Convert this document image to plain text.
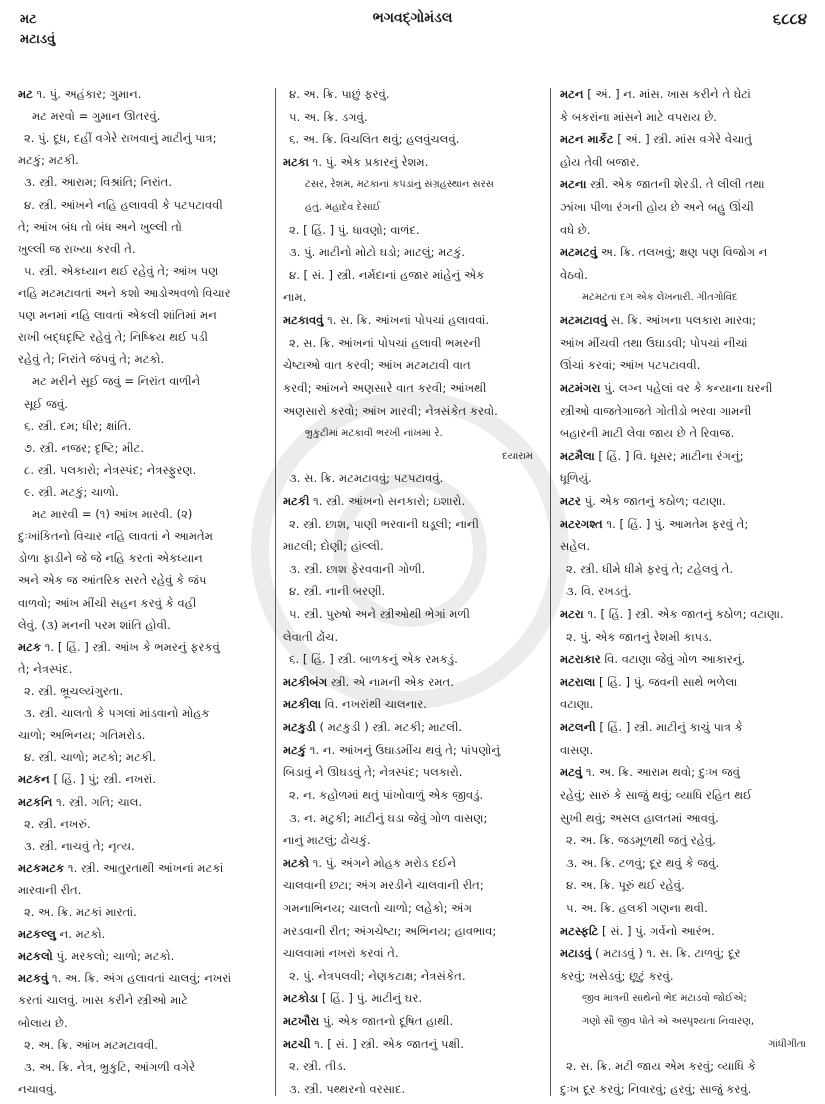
મટ
મટાડવું
ભગવદ્ગોમંડલ	૬૮૮૪
મટ ૧. પું. અહંકાર; ગુમાન.
મટ મરવો = ગુમાન ઊતરવું.
૨. પું. દૂધ, દહીં વગેરે રાખવાનું માટીનું પાત્ર;
મટકું; મટકી.
૩. સ્ત્રી. આરામ; વિશ્રાંતિ; નિરાંત.
૪. સ્ત્રી. આંખને નહિ હલાવવી કે પટપટાવવી
તે; આંખ બંધ તો બંધ અને ખુલ્લી તો
ખુલ્લી જ રાખ્યા કરવી તે.
૫. સ્ત્રી. એકધ્યાન થઈ રહેવું તે; આંખ પણ
નહિ મટમટાવતાં અને કશો આડોઅવળો વિચાર
પણ મનમાં નહિ લાવતાં એકલી શાંતિમાં મન
રાખી બદ્ધદૃષ્ટિ રહેવું તે; નિષ્ક્રિય થઈ પડી
રહેવું તે; નિરાંતે જંપવું તે; મટકો.
મટ મરીને સૂઈ જવું = નિરાંત વાળીને
સૂઈ જવું.
૬. સ્ત્રી. દમ; ધીર; ક્ષાંતિ.
૭. સ્ત્રી. નજર; દૃષ્ટિ; મીટ.
૮. સ્ત્રી. પલકારો; નેત્રસ્પંદ; નેત્રસ્ફુરણ.
૯. સ્ત્રી. મટકું; ચાળો.
મટ મારવી = (૧) આંખ મારવી. (૨)
દુઃખાંકિતનો વિચાર નહિ લાવતાં ને આમતેમ
ડોળા ફાડીને જે જે નહિ કરતાં એકધ્યાન
અને એક જ આંતરિક સરતે રહેવું કે જંપ
વાળવો; આંખ મીંચી સહન કરવું કે વહી
લેવું. (૩) મનની પરમ શાંતિ હોવી.
મટક ૧. [ હિં. ] સ્ત્રી. આંખ કે ભમરનું ફરકવું
તે; નેત્રસ્પંદ.
૨. સ્ત્રી. ભ્રૂચલ્યંગુરતા.
૩. સ્ત્રી. ચાલતો કે પગલાં માંડવાનો મોહક
ચાળો; અભિનય; ગતિમરોડ.
૪. સ્ત્રી. ચાળો; મટકો; મટકી.
મટકન [ હિં. ] પું; સ્ત્રી. નખરાં.
મટકનિ ૧. સ્ત્રી. ગતિ; ચાલ.
૨. સ્ત્રી. નખરું.
૩. સ્ત્રી. નાચવું તે; નૃત્ય.
મટકમટક ૧. સ્ત્રી. આતુરતાથી આંખનાં મટકાં
મારવાની રીત.
૨. અ. ક્રિ. મટકાં મારતાં.
મટકલ્લુ ન. મટકો.
મટકલો પું. મરકલો; ચાળો; મટકો.
મટકવું ૧. અ. ક્રિ. અંગ હલાવતાં ચાલવું; નખરાં
કરતાં ચાલવું. ખાસ કરીને સ્ત્રીઓ માટે
બોલાય છે.
૨. અ. ક્રિ. આંખ મટમટાવવી.
૩. અ. ક્રિ. નેત્ર, ભ્રુકુટિ, આંગળી વગેરે
નચાવવું.
૪. અ. ક્રિ. પાછું ફરવું.
૫. અ. ક્રિ. ડગવું.
૬. અ. ક્રિ. વિચલિત થવું; હલવુંચલવું.
મટકા ૧. પું. એક પ્રકારનું રેશમ.
ટસર, રેશમ, મટકાનાં કપડાંનું સંગ્રહસ્થાન સરસ
હતું. મહાદેવ દેસાઈ
૨. [ હિં. ] પું. ધાવણો; વાળંદ.
૩. પું. માટીનો મોટો ઘડો; માટલું; મટકું.
૪. [ સં. ] સ્ત્રી. નર્મદાનાં હજાર માંહેનું એક
નામ.
મટકાવવું ૧. સ. ક્રિ. આંખનાં પોપચાં હલાવવાં.
૨. સ. ક્રિ. આંખનાં પોપચાં હલાવી ભમરની
ચેષ્ટાઓ વાત કરવી; આંખ મટમટાવી વાત
કરવી; આંખને અણસારે વાત કરવી; આંખથી
અણસારો કરવો; આંખ મારવી; નેત્રસંકેત કરવો.
ભ્રુકુટીમાં મટકાવી ભરખી નાંખમાં રે.
દયારામ
૩. સ. ક્રિ. મટમટાવવું; પટપટાવવું.
મટકી ૧. સ્ત્રી. આંખનો સનકારો; ઇશારો.
૨. સ્ત્રી. છાશ, પાણી ભરવાની ઘડૂલી; નાની
માટલી; દોણી; હાંલ્લી.
૩. સ્ત્રી. છાશ ફેરવવાની ગોળી.
૪. સ્ત્રી. નાની બરણી.
૫. સ્ત્રી. પુરુષો અને સ્ત્રીઓથી ભેગાં મળી
લેવાતી ઢોંચ.
૬. [ હિં. ] સ્ત્રી. બાળકનું એક રમકડું.
મટકીબંગ સ્ત્રી. એ નામની એક રમત.
મટકીલા વિ. નખરાંથી ચાલનાર.
મટકુડી ( મટકુડી ) સ્ત્રી. મટકી; માટલી.
મટકું ૧. ન. આંખનું ઉઘાડમીંચ થવું તે; પાંપણોનું
બિડાવું ને ઊઘડવું તે; નેત્રસ્પંદ; પલકારો.
૨. ન. કહોળમાં થતું પાંખોવાળું એક જીવડું.
૩. ન. મટુકી; માટીનું ઘડા જેવું ગોળ વાસણ;
નાનું માટલું; ઢોચકું.
મટકો ૧. પું. અંગને મોહક મરોડ દઈને
ચાલવાની છટા; અંગ મરડીને ચાલવાની રીત;
ગમનાભિનય; ચાલતો ચાળો; લહેકો; અંગ
મરડવાની રીત; અંગચેષ્ટા; અભિનય; હાવભાવ;
ચાલવામાં નખરાં કરવાં તે.
૨. પું. નેત્રપલવી; નેણકટાક્ષ; નેત્રસંકેત.
મટકોડા [ હિં. ] પું. માટીનું ઘર.
મટખૌરા પું. એક જાતનો દૂષિત હાથી.
મટચી ૧. [ સં. ] સ્ત્રી. એક જાતનું પક્ષી.
૨. સ્ત્રી. તીડ.
૩. સ્ત્રી. પથ્થરનો વરસાદ.
મટન [ અં. ] ન. માંસ. ખાસ કરીને તે ઘેટાં
કે બકરાંના માંસને માટે વપરાય છે.
મટન માર્કેટ [ અં. ] સ્ત્રી. માંસ વગેરે વેચાતું
હોય તેવી બજાર.
મટના સ્ત્રી. એક જાતની શેરડી. તે લીલી તથા
ઝાંખા પીળા રંગની હોય છે અને બહુ ઊંચી
વધે છે.
મટમટવું અ. ક્રિ. તલખવું; ક્ષણ પણ વિજોગ ન
વેઠવો.
મટમટતાં દગ એક લેખનારી. ગીતગોવિંદ
મટમટાવવું સ. ક્રિ. આંખના પલકારા મારવા;
આંખ મીંચવી તથા ઉઘાડવી; પોપચાં નીચાં
ઊંચાં કરવાં; આંખ પટપટાવવી.
મટમંગરા પું. લગ્ન પહેલાં વર કે કન્યાના ઘરની
સ્ત્રીઓ વાજતેગાજતે ગોતીડો ભરવા ગામની
બહારની માટી લેવા જાય છે તે રિવાજ.
મટમૈલા [ હિં. ] વિ. ધૂસર; માટીના રંગનું;
ધૂળિયું.
મટર પું. એક જાતનું કઠોળ; વટાણા.
મટરગશ્ત ૧. [ હિં. ] પું. આમતેમ ફરવું તે;
સહેલ.
૨. સ્ત્રી. ધીમે ધીમે ફરવું તે; ટહેલવું તે.
૩. વિ. રખડતું.
મટરા ૧. [ હિં. ] સ્ત્રી. એક જાતનું કઠોળ; વટાણા.
૨. પું. એક જાતનું રેશમી કાપડ.
મટરાકાર વિ. વટાણા જેવું ગોળ આકારનું.
મટરાલા [ હિં. ] પું. જવની સાથે ભળેલા
વટાણા.
મટલની [ હિં. ] સ્ત્રી. માટીનું કાચું પાત્ર કે
વાસણ.
મટવું ૧. અ. ક્રિ. આરામ થવો; દુઃખ જવું
રહેવું; સારું કે સાજું થવું; વ્યાધિ રહિત થઈ
સુખી થવું; અસલ હાલતમાં આવવું.
૨. અ. ક્રિ. જડમૂળથી જતું રહેવું.
૩. અ. ક્રિ. ટળવું; દૂર થવું કે જવું.
૪. અ. ક્રિ. પૂરું થઈ રહેવું.
૫. અ. ક્રિ. હલકી ગણના થવી.
મટસ્ફટિ [ સં. ] પું. ગર્વનો આરંભ.
મટાડવું ( મટાડવું ) ૧. સ. ક્રિ. ટાળવું; દૂર
કરવું; ખસેડવું; છૂટું કરવું.
જીવ માત્રની સાથેનો ભેદ મટાડવો જોઈએ;
ગણો સૌ જીવ પોતે એ અસ્પૃશ્યતા નિવારણ,
ગાંધીગીતા
૨. સ. ક્રિ. મટી જાય એમ કરવું; વ્યાધિ કે
દુઃખ દૂર કરવું; નિવારવું; હરવું; સાજું કરવું.
